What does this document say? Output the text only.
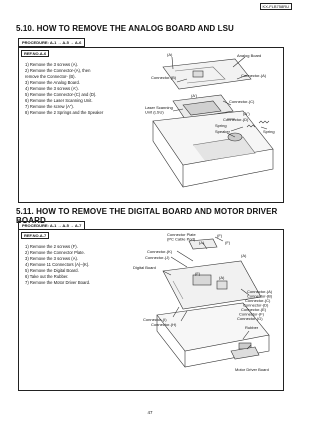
KX-FLB758RU
5.10. HOW TO REMOVE THE ANALOG BOARD AND LSU
PROCEDURE: A-1 → A-5 → A-6
REF.NO.A-6
1) Remove the 3 screws (A).
2) Remove the Connector-(A), then
remove the Connector- (B).
3) Remove the Analog Board.
4) Remove the 3 screws (A').
5) Remove the Connector-(C) and (D).
6) Remove the Laser Scanning Unit.
7) Remove the screw (A").
8) Remove the 2 Springs and the Speaker
(A)	Analog Board
Connector-(B)	Connector-(A)
Connector-(C)
Laser Scanning
Unit (LSU)
(A')
Connector-(D)
(A")
Spring
Speaker	Spring
5.11. HOW TO REMOVE THE DIGITAL BOARD AND MOTOR DRIVER BOARD
PROCEDURE: A-1 → A-5 → A-7
REF.NO.A-7
1) Remove the 2 screws (F).
2) Remove the Connector Plate.
3) Remove the 3 screws (A).
4) Remove 11 Connectors (A)–(K).
5) Remove the Digital Board.
6) Take out the Rubber.
7) Remove the Motor Driver Board.
Connector Plate
(PC Cable Port)
(F)
(F)
(A)
Connector-(K)
Connector-(J)	(A)
Digital Board
(F)
(A)
Connector-(A)
Connector-(B)
Connector-(C)
Connector-(D)
Connector-(E)
Connector-(F)
Connector-(G)
Connector-(I)
Connector-(H)
Rubber
Motor Driver Board
47
